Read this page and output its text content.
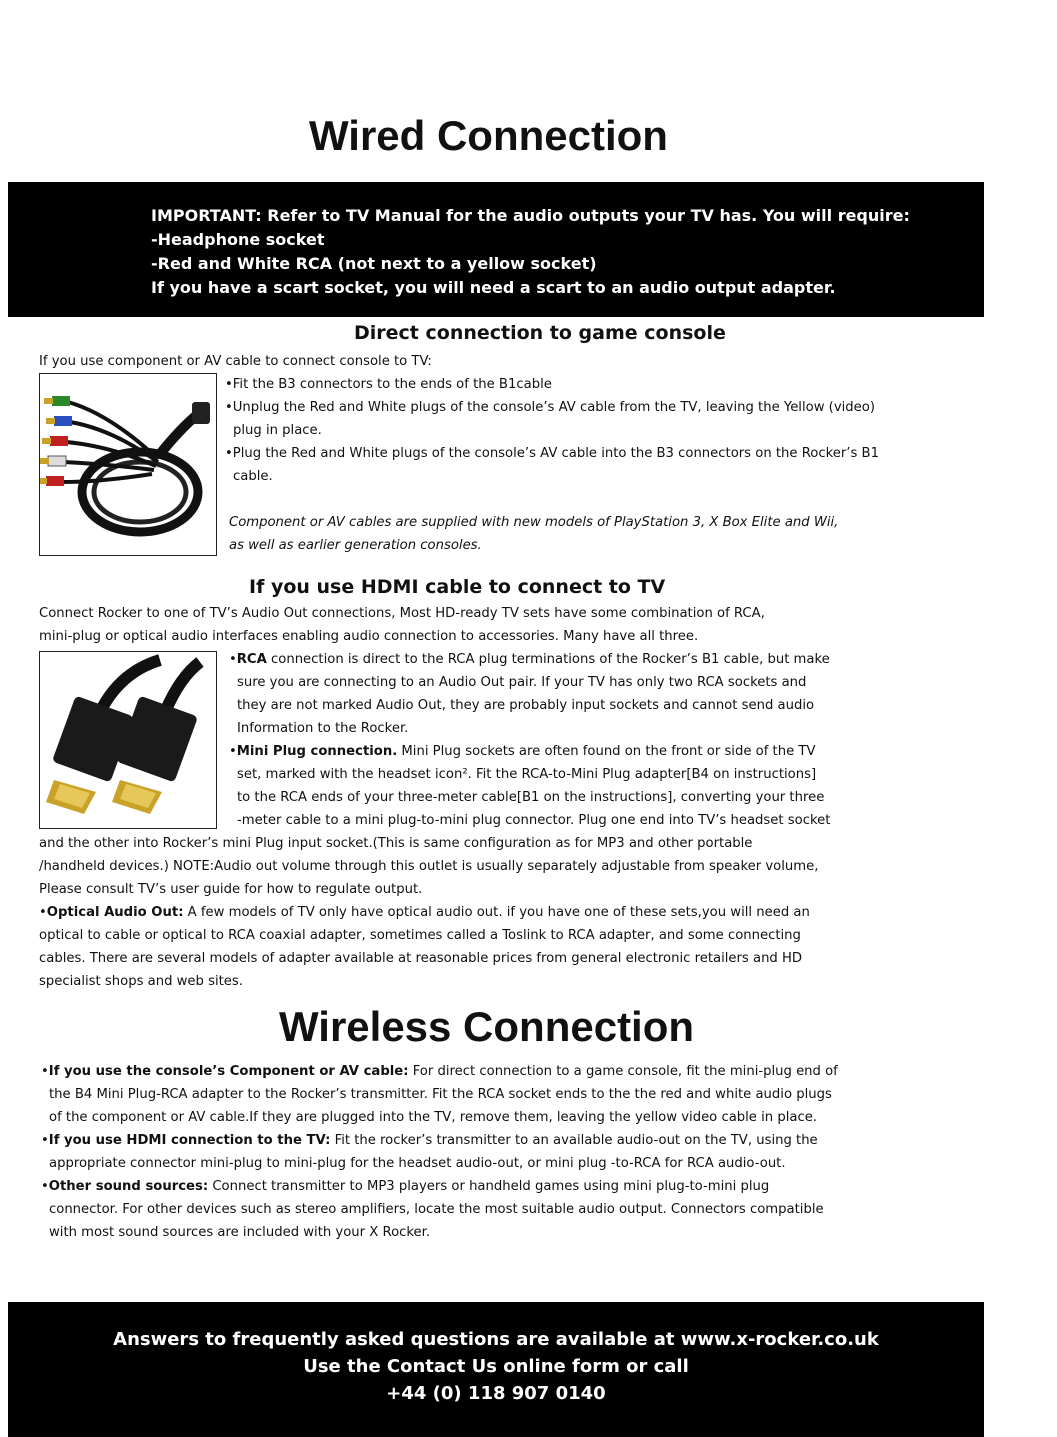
Wired Connection
IMPORTANT: Refer to TV Manual for the audio outputs your TV has. You will require:
-Headphone socket
-Red and White RCA (not next to a yellow socket)
If you have a scart socket, you will need a scart to an audio output adapter.
Direct connection to game console
If you use component or AV cable to connect console to TV:
•Fit the B3 connectors to the ends of the B1cable
•Unplug the Red and White plugs of the console’s AV cable from the TV, leaving the Yellow (video)
plug in place.
•Plug the Red and White plugs of the console’s AV cable into the B3 connectors on the Rocker’s B1
cable.
Component or AV cables are supplied with new models of PlayStation 3, X Box Elite and Wii,
as well as earlier generation consoles.
If you use HDMI cable to connect to TV
Connect Rocker to one of TV’s Audio Out connections, Most HD-ready TV sets have some combination of RCA,
mini-plug or optical audio interfaces enabling audio connection to accessories. Many have all three.
•RCA connection is direct to the RCA plug terminations of the Rocker’s B1 cable, but make
sure you are connecting to an Audio Out pair. If your TV has only two RCA sockets and
they are not marked Audio Out, they are probably input sockets and cannot send audio
Information to the Rocker.
•Mini Plug connection. Mini Plug sockets are often found on the front or side of the TV
set, marked with the headset icon². Fit the RCA-to-Mini Plug adapter[B4 on instructions]
to the RCA ends of your three-meter cable[B1 on the instructions], converting your three
-meter cable to a mini plug-to-mini plug connector. Plug one end into TV’s headset socket
and the other into Rocker’s mini Plug input socket.(This is same configuration as for MP3 and other portable
/handheld devices.) NOTE:Audio out volume through this outlet is usually separately adjustable from speaker volume,
Please consult TV’s user guide for how to regulate output.
•Optical Audio Out: A few models of TV only have optical audio out. if you have one of these sets,you will need an
optical to cable or optical to RCA coaxial adapter, sometimes called a Toslink to RCA adapter, and some connecting
cables. There are several models of adapter available at reasonable prices from general electronic retailers and HD
specialist shops and web sites.
Wireless Connection
•If you use the console’s Component or AV cable: For direct connection to a game console, fit the mini-plug end of
the B4 Mini Plug-RCA adapter to the Rocker’s transmitter. Fit the RCA socket ends to the the red and white audio plugs
of the component or AV cable.If they are plugged into the TV, remove them, leaving the yellow video cable in place.
•If you use HDMI connection to the TV: Fit the rocker’s transmitter to an available audio-out on the TV, using the
appropriate connector mini-plug to mini-plug for the headset audio-out, or mini plug -to-RCA for RCA audio-out.
•Other sound sources: Connect transmitter to MP3 players or handheld games using mini plug-to-mini plug
connector. For other devices such as stereo amplifiers, locate the most suitable audio output. Connectors compatible
with most sound sources are included with your X Rocker.
Answers to frequently asked questions are available at www.x-rocker.co.uk
Use the Contact Us online form or call
+44 (0) 118 907 0140
